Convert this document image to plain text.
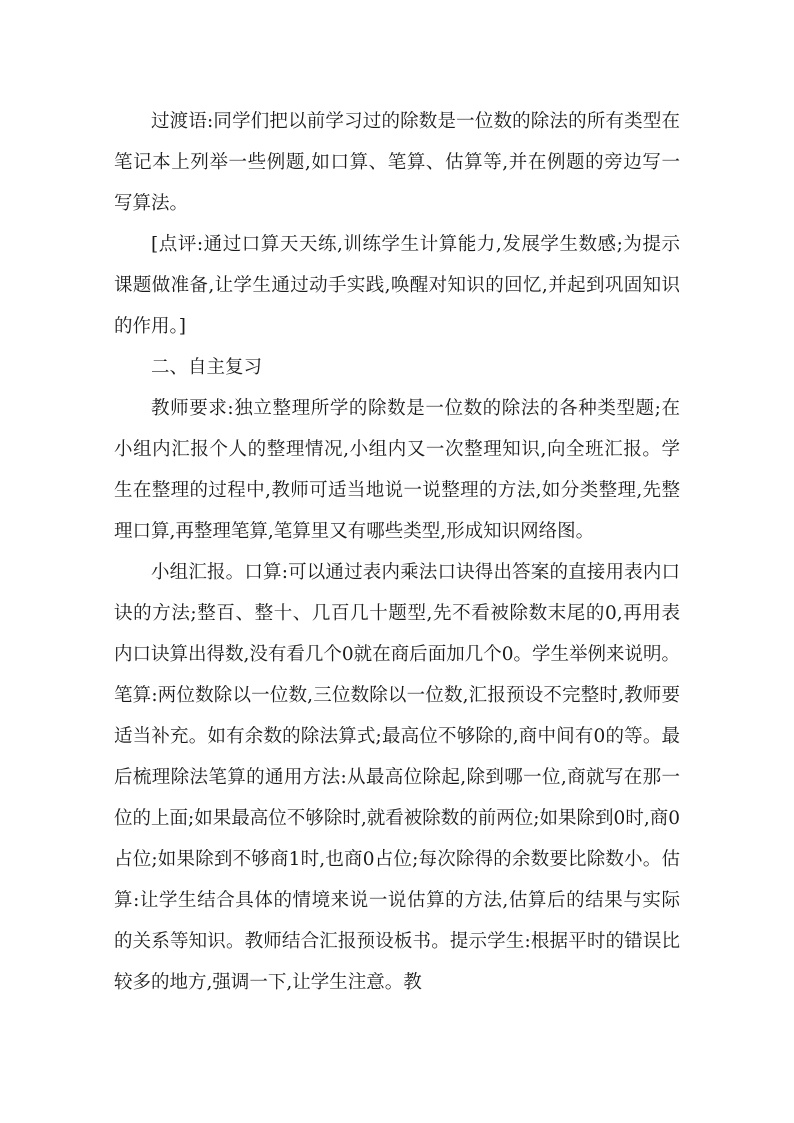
过渡语:同学们把以前学习过的除数是一位数的除法的所有类型在笔记本上列举一些例题,如口算、笔算、估算等,并在例题的旁边写一写算法。

[点评:通过口算天天练,训练学生计算能力,发展学生数感;为提示课题做准备,让学生通过动手实践,唤醒对知识的回忆,并起到巩固知识的作用。]

二、自主复习

教师要求:独立整理所学的除数是一位数的除法的各种类型题;在小组内汇报个人的整理情况,小组内又一次整理知识,向全班汇报。学生在整理的过程中,教师可适当地说一说整理的方法,如分类整理,先整理口算,再整理笔算,笔算里又有哪些类型,形成知识网络图。

小组汇报。口算:可以通过表内乘法口诀得出答案的直接用表内口诀的方法;整百、整十、几百几十题型,先不看被除数末尾的0,再用表内口诀算出得数,没有看几个0就在商后面加几个0。学生举例来说明。笔算:两位数除以一位数,三位数除以一位数,汇报预设不完整时,教师要适当补充。如有余数的除法算式;最高位不够除的,商中间有0的等。最后梳理除法笔算的通用方法:从最高位除起,除到哪一位,商就写在那一位的上面;如果最高位不够除时,就看被除数的前两位;如果除到0时,商0占位;如果除到不够商1时,也商0占位;每次除得的余数要比除数小。估算:让学生结合具体的情境来说一说估算的方法,估算后的结果与实际的关系等知识。教师结合汇报预设板书。提示学生:根据平时的错误比较多的地方,强调一下,让学生注意。教
